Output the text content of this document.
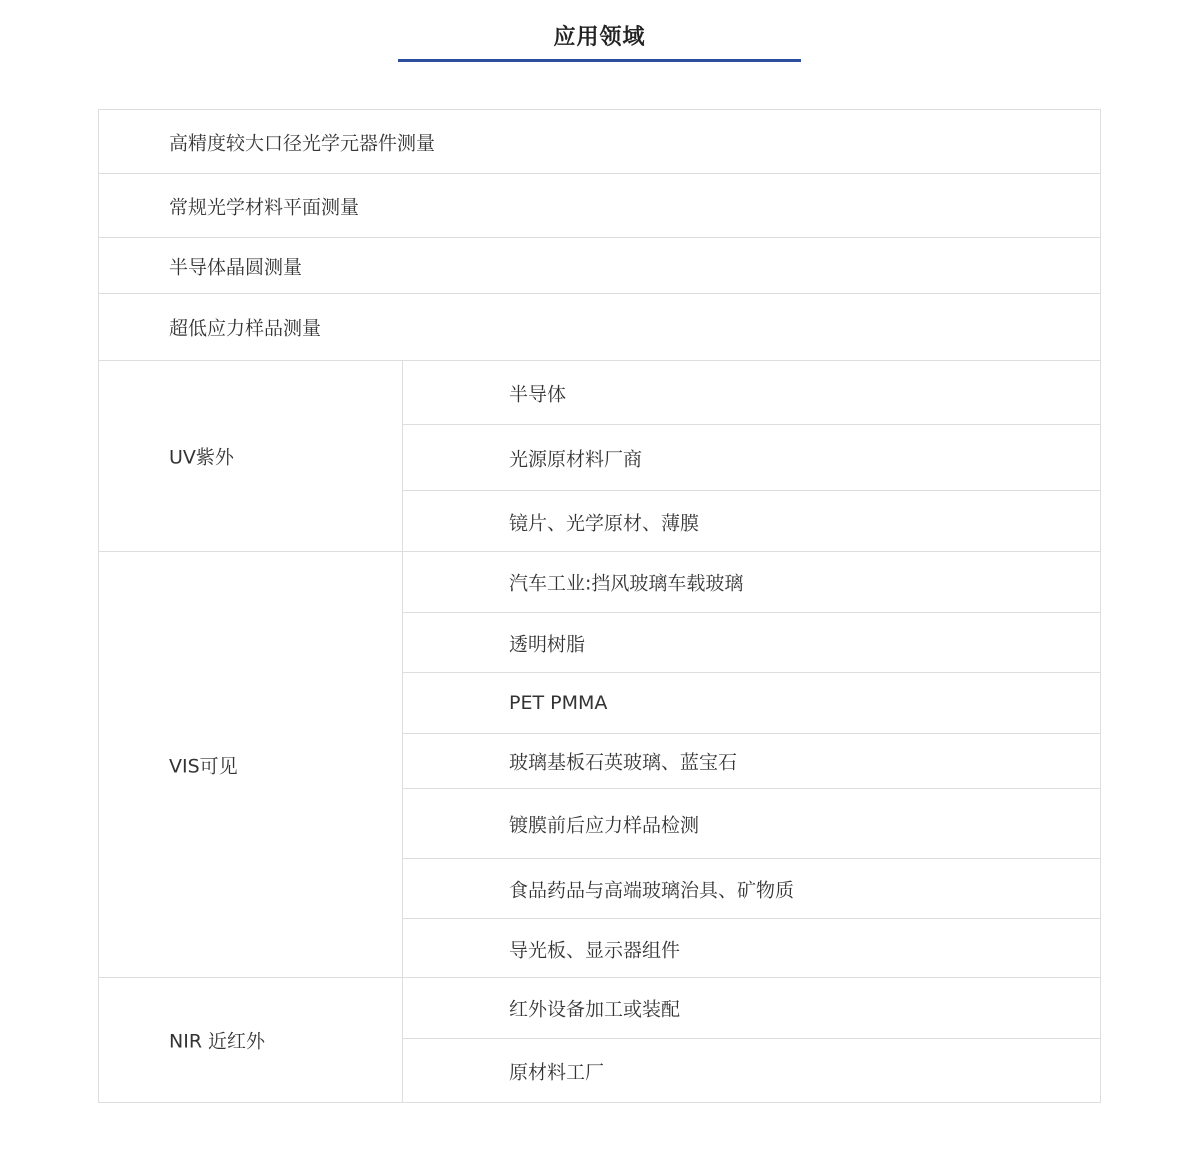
应用领域
高精度较大口径光学元器件测量
常规光学材料平面测量
半导体晶圆测量
超低应力样品测量
UV紫外
半导体
光源原材料厂商
镜片、光学原材、薄膜
VIS可见
汽车工业:挡风玻璃车载玻璃
透明树脂
PET PMMA
玻璃基板石英玻璃、蓝宝石
镀膜前后应力样品检测
食品药品与高端玻璃治具、矿物质
导光板、显示器组件
NIR 近红外
红外设备加工或装配
原材料工厂
